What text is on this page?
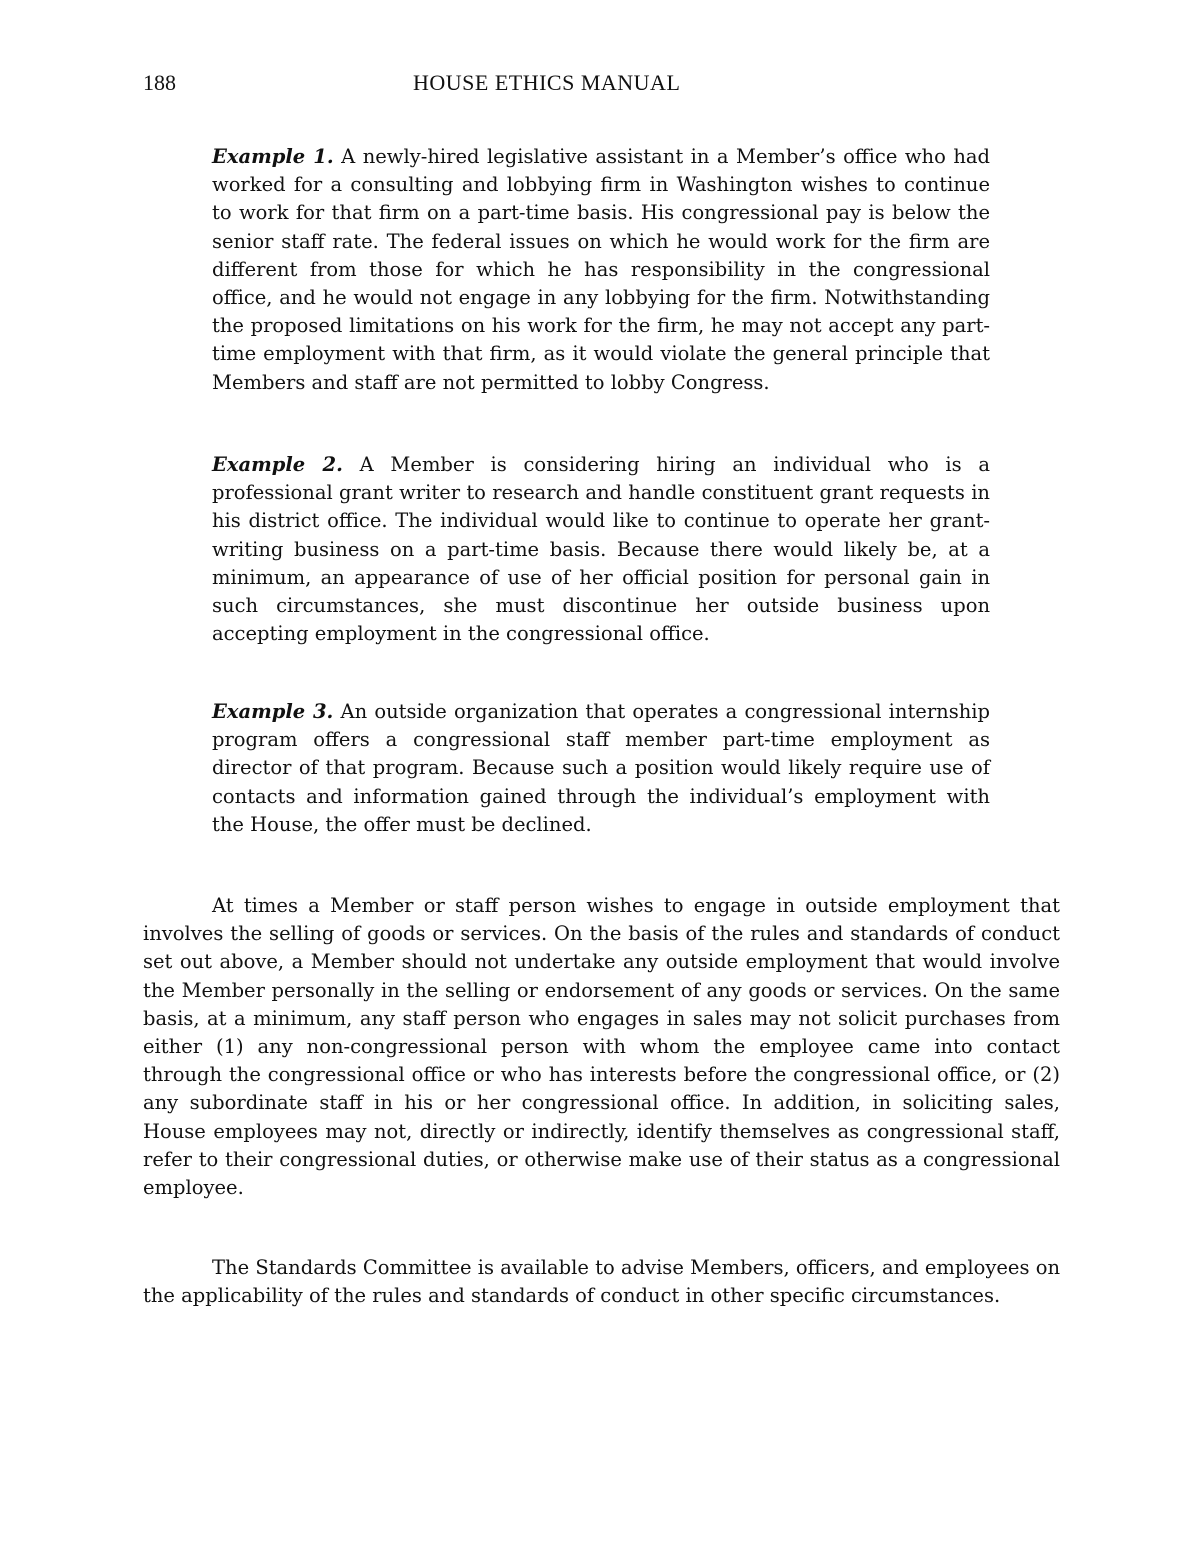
188	HOUSE ETHICS MANUAL

Example 1. A newly-hired legislative assistant in a Member’s office who had worked for a consulting and lobbying firm in Washington wishes to continue to work for that firm on a part-time basis. His congressional pay is below the senior staff rate. The federal issues on which he would work for the firm are different from those for which he has responsibility in the congressional office, and he would not engage in any lobbying for the firm. Notwithstanding the proposed limitations on his work for the firm, he may not accept any part-time employment with that firm, as it would violate the general principle that Members and staff are not permitted to lobby Congress.

Example 2. A Member is considering hiring an individual who is a professional grant writer to research and handle constituent grant requests in his district office. The individual would like to continue to operate her grant-writing business on a part-time basis. Because there would likely be, at a minimum, an appearance of use of her official position for personal gain in such circumstances, she must discontinue her outside business upon accepting employment in the congressional office.

Example 3. An outside organization that operates a congressional internship program offers a congressional staff member part-time employment as director of that program. Because such a position would likely require use of contacts and information gained through the individual’s employment with the House, the offer must be declined.

At times a Member or staff person wishes to engage in outside employment that involves the selling of goods or services. On the basis of the rules and standards of conduct set out above, a Member should not undertake any outside employment that would involve the Member personally in the selling or endorsement of any goods or services. On the same basis, at a minimum, any staff person who engages in sales may not solicit purchases from either (1) any non-congressional person with whom the employee came into contact through the congressional office or who has interests before the congressional office, or (2) any subordinate staff in his or her congressional office. In addition, in soliciting sales, House employees may not, directly or indirectly, identify themselves as congressional staff, refer to their congressional duties, or otherwise make use of their status as a congressional employee.

The Standards Committee is available to advise Members, officers, and employees on the applicability of the rules and standards of conduct in other specific circumstances.
